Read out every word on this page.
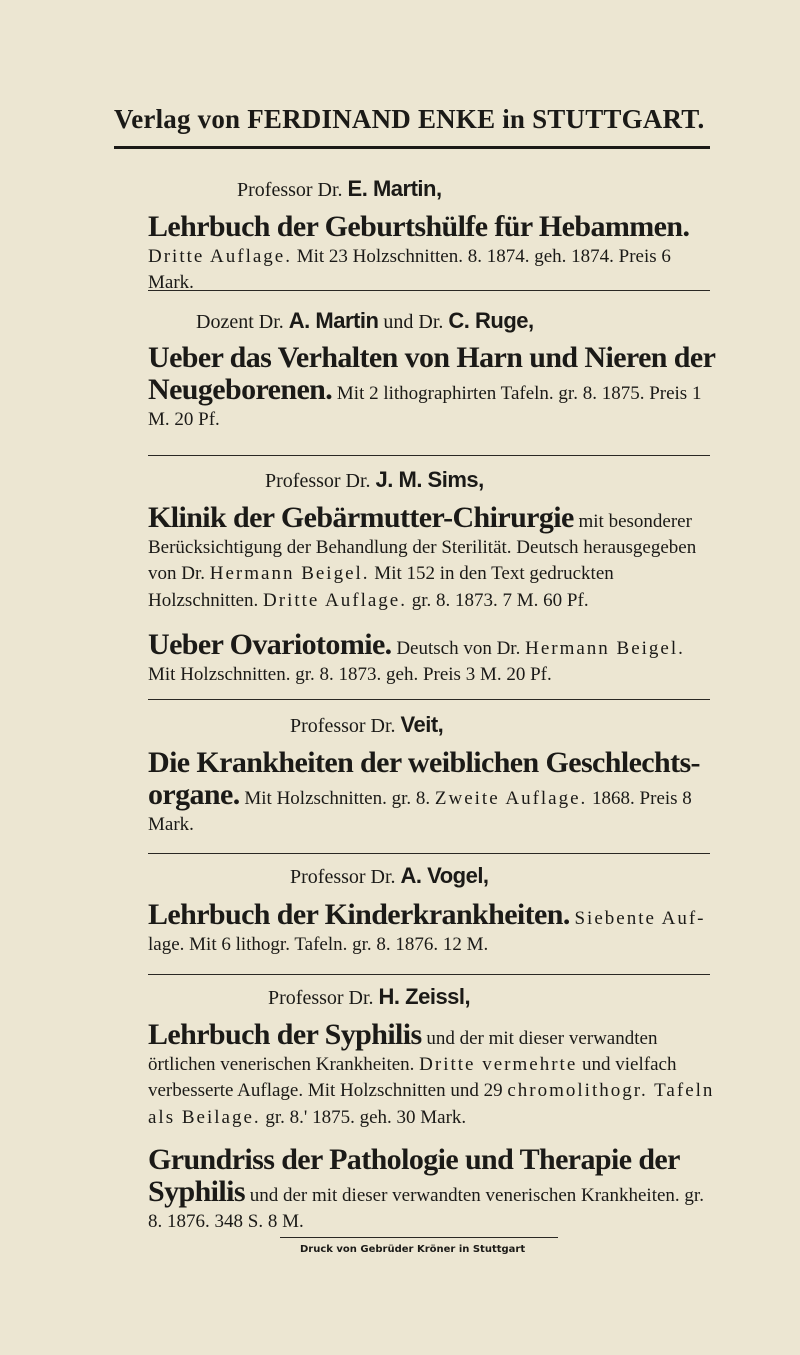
Verlag von FERDINAND ENKE in STUTTGART.
Professor Dr. E. Martin,
Lehrbuch der Geburtshülfe für Hebammen.
Dritte Auflage. Mit 23 Holzschnitten. 8. 1874. geh. 1874. Preis 6 Mark.
Dozent Dr. A. Martin und Dr. C. Ruge,
Ueber das Verhalten von Harn und Nieren der Neugeborenen. Mit 2 lithographirten Tafeln. gr. 8. 1875. Preis 1 M. 20 Pf.
Professor Dr. J. M. Sims,
Klinik der Gebärmutter-Chirurgie mit besonderer Berücksichtigung der Behandlung der Sterilität. Deutsch herausgegeben von Dr. Hermann Beigel. Mit 152 in den Text gedruckten Holzschnitten. Dritte Auflage. gr. 8. 1873. 7 M. 60 Pf.
Ueber Ovariotomie. Deutsch von Dr. Hermann Beigel. Mit Holzschnitten. gr. 8. 1873. geh. Preis 3 M. 20 Pf.
Professor Dr. Veit,
Die Krankheiten der weiblichen Geschlechts-organe. Mit Holzschnitten. gr. 8. Zweite Auflage. 1868. Preis 8 Mark.
Professor Dr. A. Vogel,
Lehrbuch der Kinderkrankheiten. Siebente Auf- lage. Mit 6 lithogr. Tafeln. gr. 8. 1876. 12 M.
Professor Dr. H. Zeissl,
Lehrbuch der Syphilis und der mit dieser verwandten örtlichen venerischen Krankheiten. Dritte vermehrte und vielfach verbesserte Auflage. Mit Holzschnitten und 29 chromolithogr. Tafeln als Beilage. gr. 8.' 1875. geh. 30 Mark.
Grundriss der Pathologie und Therapie der Syphilis und der mit dieser verwandten venerischen Krankheiten. gr. 8. 1876. 348 S. 8 M.
Druck von Gebrüder Kröner in Stuttgart
